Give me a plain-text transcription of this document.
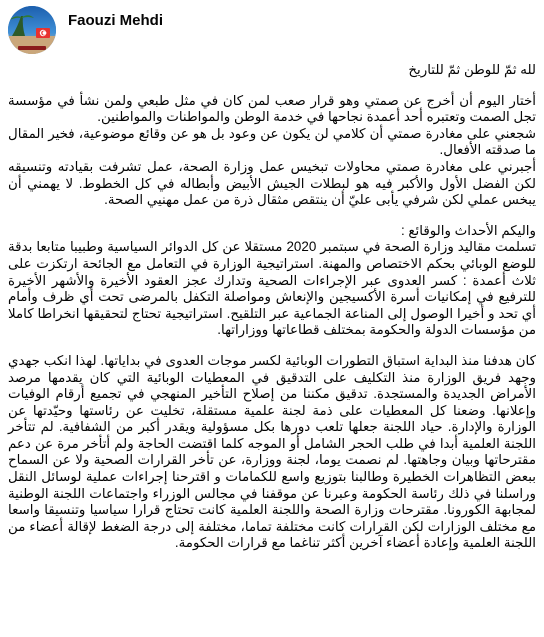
Faouzi Mehdi

لله ثمّ للوطن ثمّ للتاريخ

أختار اليوم أن أخرج عن صمتي وهو قرار صعب لمن كان في مثل طبعي ولمن نشأ في مؤسسة تجل الصمت وتعتبره أحد أعمدة نجاحها في خدمة الوطن والمواطنات والمواطنين.

شجعني على مغادرة صمتي أن كلامي لن يكون عن وعود بل هو عن وقائع موضوعية، فخير المقال ما صدقته الأفعال.

أجبرني على مغادرة صمتي محاولات تبخيس عمل وزارة الصحة، عمل تشرفت بقيادته وتنسيقه لكن الفضل الأول والأكبر فيه هو لبطلات الجيش الأبيض وأبطاله في كل الخطوط. لا يهمني أن يبخس عملي لكن شرفي يأبى عليّ أن ينتقص مثقال ذرة من عمل مهنيي الصحة.

واليكم الأحداث والوقائع :

تسلمت مقاليد وزارة الصحة في سبتمبر 2020 مستقلا عن كل الدوائر السياسية وطبيبا متابعا بدقة للوضع الوبائي بحكم الاختصاص والمهنة. استراتيجية الوزارة في التعامل مع الجائحة ارتكزت على ثلاث أعمدة : كسر العدوى عبر الإجراءات الصحية وتدارك عجز العقود الأخيرة والأشهر الأخيرة للترفيع في إمكانيات أسرة الأكسيجين والإنعاش ومواصلة التكفل بالمرضى تحت أي ظرف وأمام أي تحد و أخيرا الوصول إلى المناعة الجماعية عبر التلقيح. استراتيجية تحتاج لتحقيقها انخراطا كاملا من مؤسسات الدولة والحكومة بمختلف قطاعاتها ووزاراتها.

كان هدفنا منذ البداية استباق التطورات الوبائية لكسر موجات العدوى في بداياتها. لهذا انكب جهدي وجهد فريق الوزارة منذ التكليف على التدقيق في المعطيات الوبائية التي كان يقدمها مرصد الأمراض الجديدة والمستجدة. تدقيق مكننا من إصلاح التأخير المنهجي في تجميع أرقام الوفيات وإعلانها. وضعنا كل المعطيات على ذمة لجنة علمية مستقلة، تخليت عن رئاستها وحيّدتها عن الوزارة والإدارة. حياد اللجنة جعلها تلعب دورها بكل مسؤولية ويقدر أكبر من الشفافية. لم تتأخر اللجنة العلمية أبدا في طلب الحجر الشامل أو الموجه كلما اقتضت الحاجة ولم أتأخر مرة عن دعم مقترحاتها وبيان وجاهتها. لم نصمت يوما، لجنة ووزارة، عن تأخر القرارات الصحية ولا عن السماح ببعض التظاهرات الخطيرة وطالبنا بتوزيع واسع للكمامات و اقترحنا إجراءات عملية لوسائل النقل وراسلنا في ذلك رئاسة الحكومة وعبرنا عن موقفنا في مجالس الوزراء واجتماعات اللجنة الوطنية لمجابهة الكورونا. مقترحات وزارة الصحة واللجنة العلمية كانت تحتاج قرارا سياسيا وتنسيقا واسعا مع مختلف الوزارات لكن القرارات كانت مختلفة تماما، مختلفة إلى درجة الضغط لإقالة أعضاء من اللجنة العلمية وإعادة أعضاء آخرين أكثر تناغما مع قرارات الحكومة.
